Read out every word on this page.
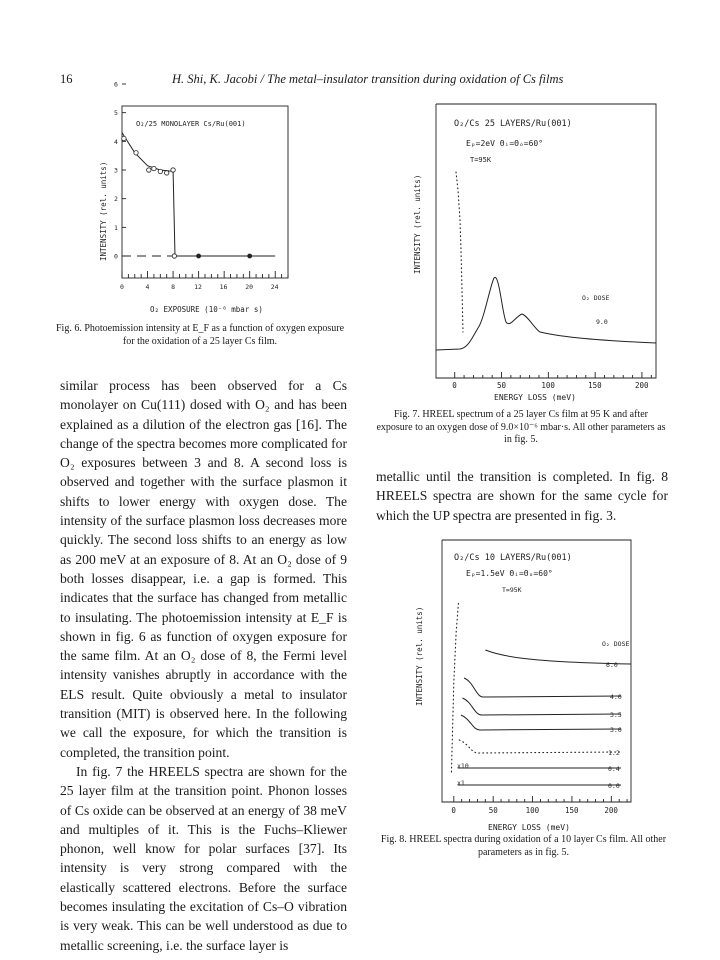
16	H. Shi, K. Jacobi / The metal–insulator transition during oxidation of Cs films
O₂/25 MONOLAYER Cs/Ru(001)
INTENSITY (rel. units) 0
1
2
3
4
5
6
0	4	8	12	16	20	24
O₂ EXPOSURE (10⁻⁶ mbar s)
Fig. 6. Photoemission intensity at E_F as a function of oxygen exposure for the oxidation of a 25 layer Cs film.
O₂/Cs 25 LAYERS/Ru(001)
Eₚ=2eV Θᵢ=Θₒ=60°
T=95K
INTENSITY (rel. units)
O₂ DOSE
9.0
0	50	100	150	200
ENERGY LOSS (meV)
Fig. 7. HREEL spectrum of a 25 layer Cs film at 95 K and after exposure to an oxygen dose of 9.0×10⁻⁶ mbar·s. All other parameters as in fig. 5.
O₂/Cs 10 LAYERS/Ru(001)
Eₚ=1.5eV Θᵢ=Θₒ=60°
T=95K
INTENSITY (rel. units)	O₂ DOSE
0.0
0.4
1.2
3.0
3.5
4.0
6.0
x10
x1
0	50	100	150	200
ENERGY LOSS (meV)
Fig. 8. HREEL spectra during oxidation of a 10 layer Cs film. All other parameters as in fig. 5.

similar process has been observed for a Cs monolayer on Cu(111) dosed with O₂ and has been explained as a dilution of the electron gas [16]. The change of the spectra becomes more complicated for O₂ exposures between 3 and 8. A second loss is observed and together with the surface plasmon it shifts to lower energy with oxygen dose. The intensity of the surface plasmon loss decreases more quickly. The second loss shifts to an energy as low as 200 meV at an exposure of 8. At an O₂ dose of 9 both losses disappear, i.e. a gap is formed. This indicates that the surface has changed from metallic to insulating. The photoemission intensity at E_F is shown in fig. 6 as function of oxygen exposure for the same film. At an O₂ dose of 8, the Fermi level intensity vanishes abruptly in accordance with the ELS result. Quite obviously a metal to insulator transition (MIT) is observed here. In the following we call the exposure, for which the transition is completed, the transition point.

In fig. 7 the HREELS spectra are shown for the 25 layer film at the transition point. Phonon losses of Cs oxide can be observed at an energy of 38 meV and multiples of it. This is the Fuchs–Kliewer phonon, well know for polar surfaces [37]. Its intensity is very strong compared with the elastically scattered electrons. Before the surface becomes insulating the excitation of Cs–O vibration is very weak. This can be well understood as due to metallic screening, i.e. the surface layer is

metallic until the transition is completed. In fig. 8 HREELS spectra are shown for the same cycle for which the UP spectra are presented in fig. 3.
